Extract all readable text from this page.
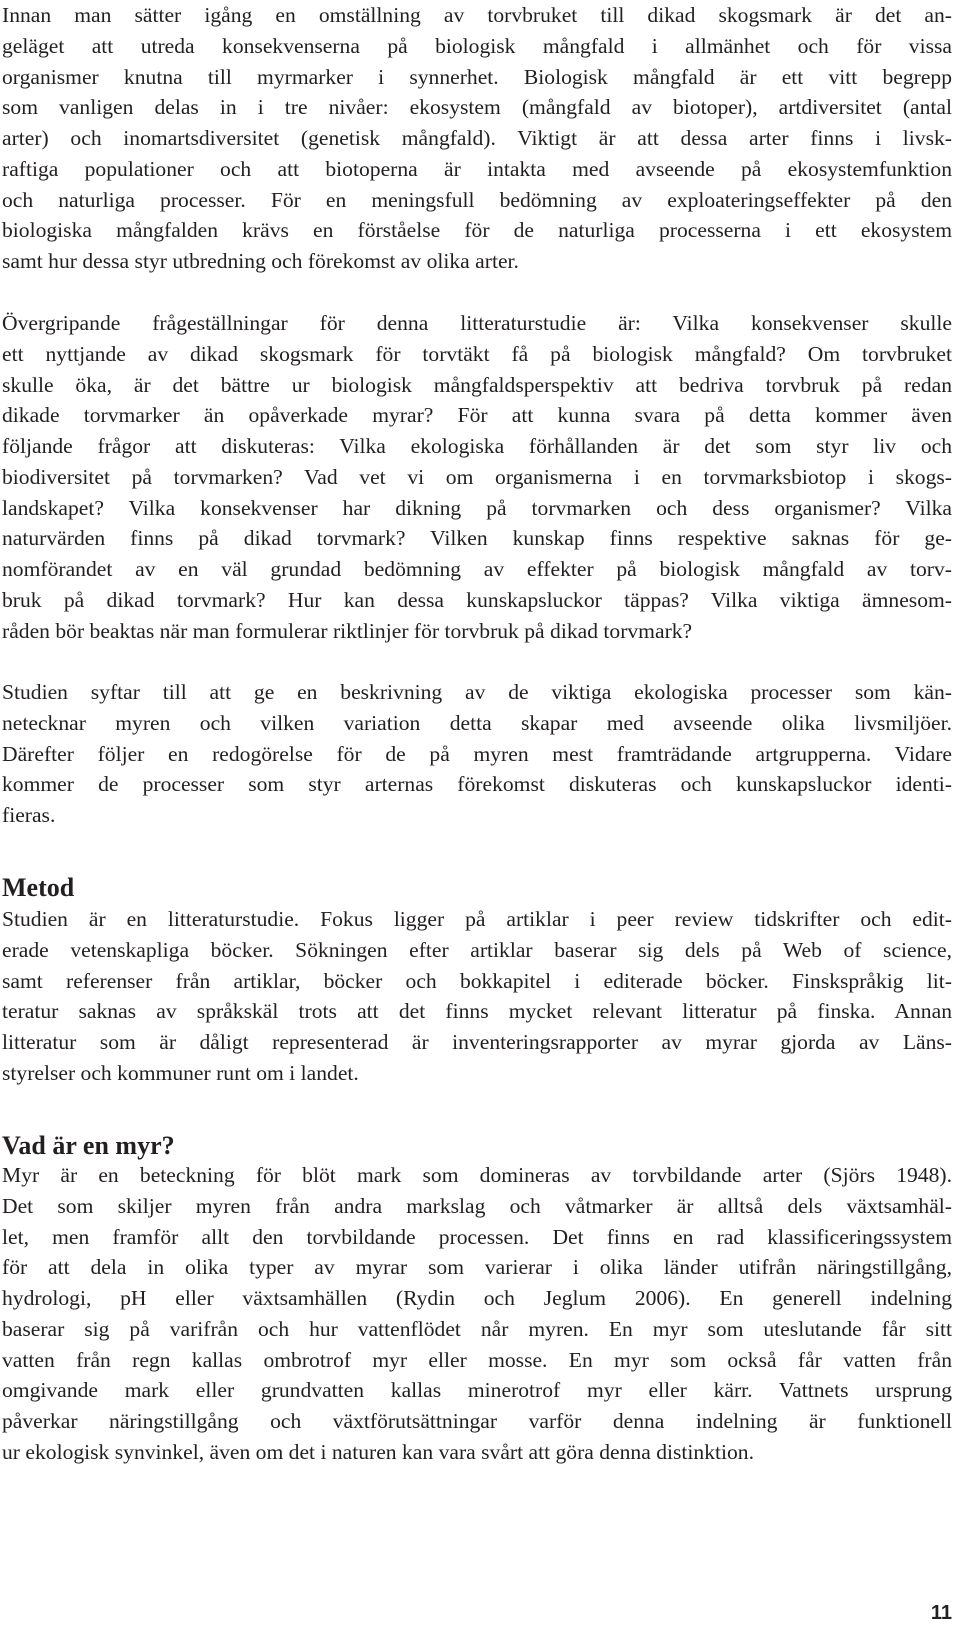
Innan man sätter igång en omställning av torvbruket till dikad skogsmark är det an-
geläget att utreda konsekvenserna på biologisk mångfald i allmänhet och för vissa
organismer knutna till myrmarker i synnerhet. Biologisk mångfald är ett vitt begrepp
som vanligen delas in i tre nivåer: ekosystem (mångfald av biotoper), artdiversitet (antal
arter) och inomartsdiversitet (genetisk mångfald). Viktigt är att dessa arter finns i livsk-
raftiga populationer och att biotoperna är intakta med avseende på ekosystemfunktion
och naturliga processer. För en meningsfull bedömning av exploateringseffekter på den
biologiska mångfalden krävs en förståelse för de naturliga processerna i ett ekosystem
samt hur dessa styr utbredning och förekomst av olika arter.
Övergripande frågeställningar för denna litteraturstudie är: Vilka konsekvenser skulle
ett nyttjande av dikad skogsmark för torvtäkt få på biologisk mångfald? Om torvbruket
skulle öka, är det bättre ur biologisk mångfaldsperspektiv att bedriva torvbruk på redan
dikade torvmarker än opåverkade myrar? För att kunna svara på detta kommer även
följande frågor att diskuteras: Vilka ekologiska förhållanden är det som styr liv och
biodiversitet på torvmarken? Vad vet vi om organismerna i en torvmarksbiotop i skogs-
landskapet? Vilka konsekvenser har dikning på torvmarken och dess organismer? Vilka
naturvärden finns på dikad torvmark? Vilken kunskap finns respektive saknas för ge-
nomförandet av en väl grundad bedömning av effekter på biologisk mångfald av torv-
bruk på dikad torvmark? Hur kan dessa kunskapsluckor täppas? Vilka viktiga ämnesom-
råden bör beaktas när man formulerar riktlinjer för torvbruk på dikad torvmark?
Studien syftar till att ge en beskrivning av de viktiga ekologiska processer som kän-
netecknar myren och vilken variation detta skapar med avseende olika livsmiljöer.
Därefter följer en redogörelse för de på myren mest framträdande artgrupperna. Vidare
kommer de processer som styr arternas förekomst diskuteras och kunskapsluckor identi-
fieras.
Metod
Studien är en litteraturstudie. Fokus ligger på artiklar i peer review tidskrifter och edit-
erade vetenskapliga böcker. Sökningen efter artiklar baserar sig dels på Web of science,
samt referenser från artiklar, böcker och bokkapitel i editerade böcker. Finskspråkig lit-
teratur saknas av språkskäl trots att det finns mycket relevant litteratur på finska. Annan
litteratur som är dåligt representerad är inventeringsrapporter av myrar gjorda av Läns-
styrelser och kommuner runt om i landet.
Vad är en myr?
Myr är en beteckning för blöt mark som domineras av torvbildande arter (Sjörs 1948).
Det som skiljer myren från andra markslag och våtmarker är alltså dels växtsamhäl-
let, men framför allt den torvbildande processen. Det finns en rad klassificeringssystem
för att dela in olika typer av myrar som varierar i olika länder utifrån näringstillgång,
hydrologi, pH eller växtsamhällen (Rydin och Jeglum 2006). En generell indelning
baserar sig på varifrån och hur vattenflödet når myren. En myr som uteslutande får sitt
vatten från regn kallas ombrotrof myr eller mosse. En myr som också får vatten från
omgivande mark eller grundvatten kallas minerotrof myr eller kärr. Vattnets ursprung
påverkar näringstillgång och växtförutsättningar varför denna indelning är funktionell
ur ekologisk synvinkel, även om det i naturen kan vara svårt att göra denna distinktion.

11
